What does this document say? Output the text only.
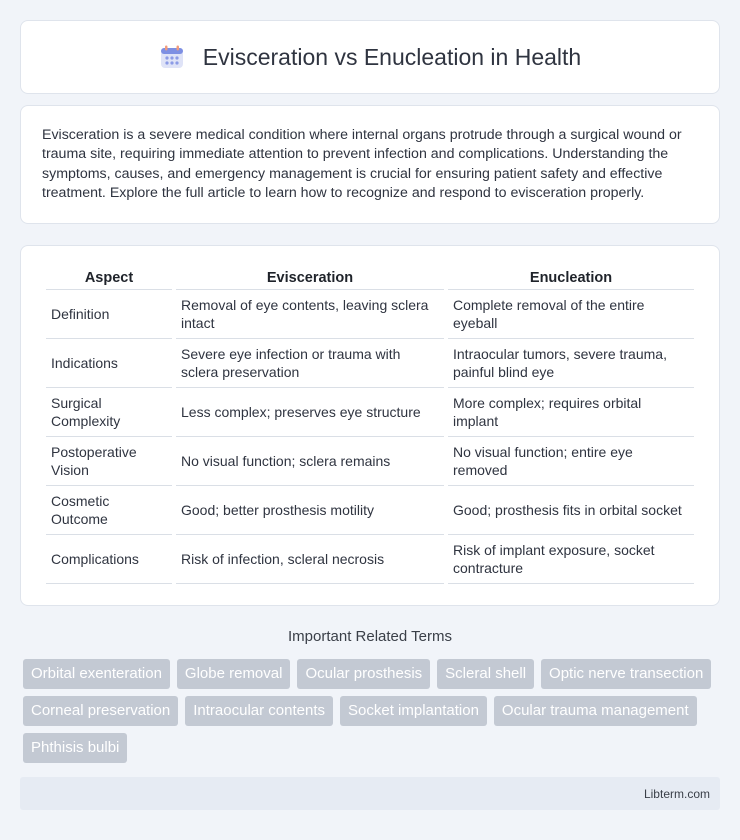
Evisceration vs Enucleation in Health

Evisceration is a severe medical condition where internal organs protrude through a surgical wound or trauma site, requiring immediate attention to prevent infection and complications. Understanding the symptoms, causes, and emergency management is crucial for ensuring patient safety and effective treatment. Explore the full article to learn how to recognize and respond to evisceration properly.

Aspect	Evisceration	Enucleation
Definition	Removal of eye contents, leaving sclera intact	Complete removal of the entire eyeball
Indications	Severe eye infection or trauma with sclera preservation	Intraocular tumors, severe trauma, painful blind eye
Surgical Complexity	Less complex; preserves eye structure	More complex; requires orbital implant
Postoperative Vision	No visual function; sclera remains	No visual function; entire eye removed
Cosmetic Outcome	Good; better prosthesis motility	Good; prosthesis fits in orbital socket
Complications	Risk of infection, scleral necrosis	Risk of implant exposure, socket contracture
Important Related Terms
Orbital exenteration	Globe removal	Ocular prosthesis	Scleral shell	Optic nerve transection
Corneal preservation	Intraocular contents	Socket implantation	Ocular trauma management
Phthisis bulbi
Libterm.com
